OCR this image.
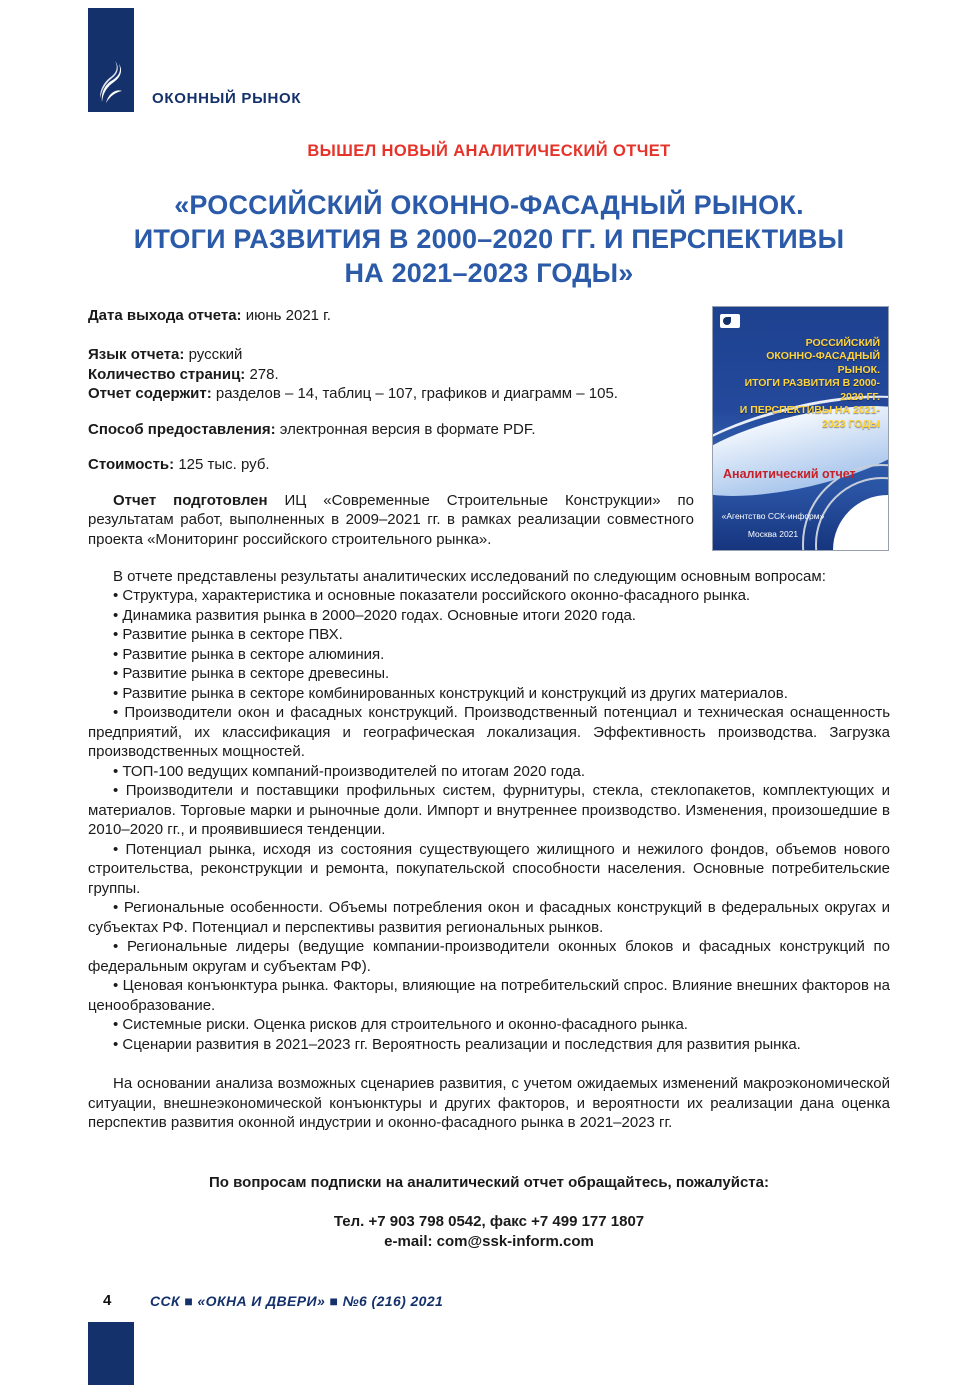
ОКОННЫЙ РЫНОК

ВЫШЕЛ НОВЫЙ АНАЛИТИЧЕСКИЙ ОТЧЕТ

«РОССИЙСКИЙ ОКОННО-ФАСАДНЫЙ РЫНОК.
ИТОГИ РАЗВИТИЯ В 2000–2020 ГГ. И ПЕРСПЕКТИВЫ
НА 2021–2023 ГОДЫ»

Дата выхода отчета: июнь 2021 г.

Язык отчета: русский

Количество страниц: 278.

Отчет содержит: разделов – 14, таблиц – 107, графиков и диаграмм – 105.

Способ предоставления: электронная версия в формате PDF.

Стоимость: 125 тыс. руб.

Отчет подготовлен ИЦ «Современные Строительные Конструкции» по результатам работ, выполненных в 2009–2021 гг. в рамках реализации совместного проекта «Мониторинг российского строительного рынка».

РОССИЙСКИЙ
ОКОННО-ФАСАДНЫЙ РЫНОК.
ИТОГИ РАЗВИТИЯ В 2000-2020 ГГ.
И ПЕРСПЕКТИВЫ НА 2021-2023 ГОДЫ
Аналитический отчет
«Агентство ССК-информ»
Москва 2021

В отчете представлены результаты аналитических исследований по следующим основным вопросам:

• Структура, характеристика и основные показатели российского оконно-фасадного рынка.
• Динамика развития рынка в 2000–2020 годах. Основные итоги 2020 года.
• Развитие рынка в секторе ПВХ.
• Развитие рынка в секторе алюминия.
• Развитие рынка в секторе древесины.
• Развитие рынка в секторе комбинированных конструкций и конструкций из других материалов.
• Производители окон и фасадных конструкций. Производственный потенциал и техническая оснащенность предприятий, их классификация и географическая локализация. Эффективность производства. Загрузка производственных мощностей.
• ТОП-100 ведущих компаний-производителей по итогам 2020 года.
• Производители и поставщики профильных систем, фурнитуры, стекла, стеклопакетов, комплектующих и материалов. Торговые марки и рыночные доли. Импорт и внутреннее производство. Изменения, произошедшие в 2010–2020 гг., и проявившиеся тенденции.
• Потенциал рынка, исходя из состояния существующего жилищного и нежилого фондов, объемов нового строительства, реконструкции и ремонта, покупательской способности населения. Основные потребительские группы.
• Региональные особенности. Объемы потребления окон и фасадных конструкций в федеральных округах и субъектах РФ. Потенциал и перспективы развития региональных рынков.
• Региональные лидеры (ведущие компании-производители оконных блоков и фасадных конструкций по федеральным округам и субъектам РФ).
• Ценовая конъюнктура рынка. Факторы, влияющие на потребительский спрос. Влияние внешних факторов на ценообразование.
• Системные риски. Оценка рисков для строительного и оконно-фасадного рынка.
• Сценарии развития в 2021–2023 гг. Вероятность реализации и последствия для развития рынка.

На основании анализа возможных сценариев развития, с учетом ожидаемых изменений макроэкономической ситуации, внешнеэкономической конъюнктуры и других факторов, и вероятности их реализации дана оценка перспектив развития оконной индустрии и оконно-фасадного рынка в 2021–2023 гг.

По вопросам подписки на аналитический отчет обращайтесь, пожалуйста:

Тел. +7 903 798 0542, факс +7 499 177 1807

e-mail: com@ssk-inform.com

4	ССК ■ «ОКНА И ДВЕРИ» ■ №6 (216) 2021
